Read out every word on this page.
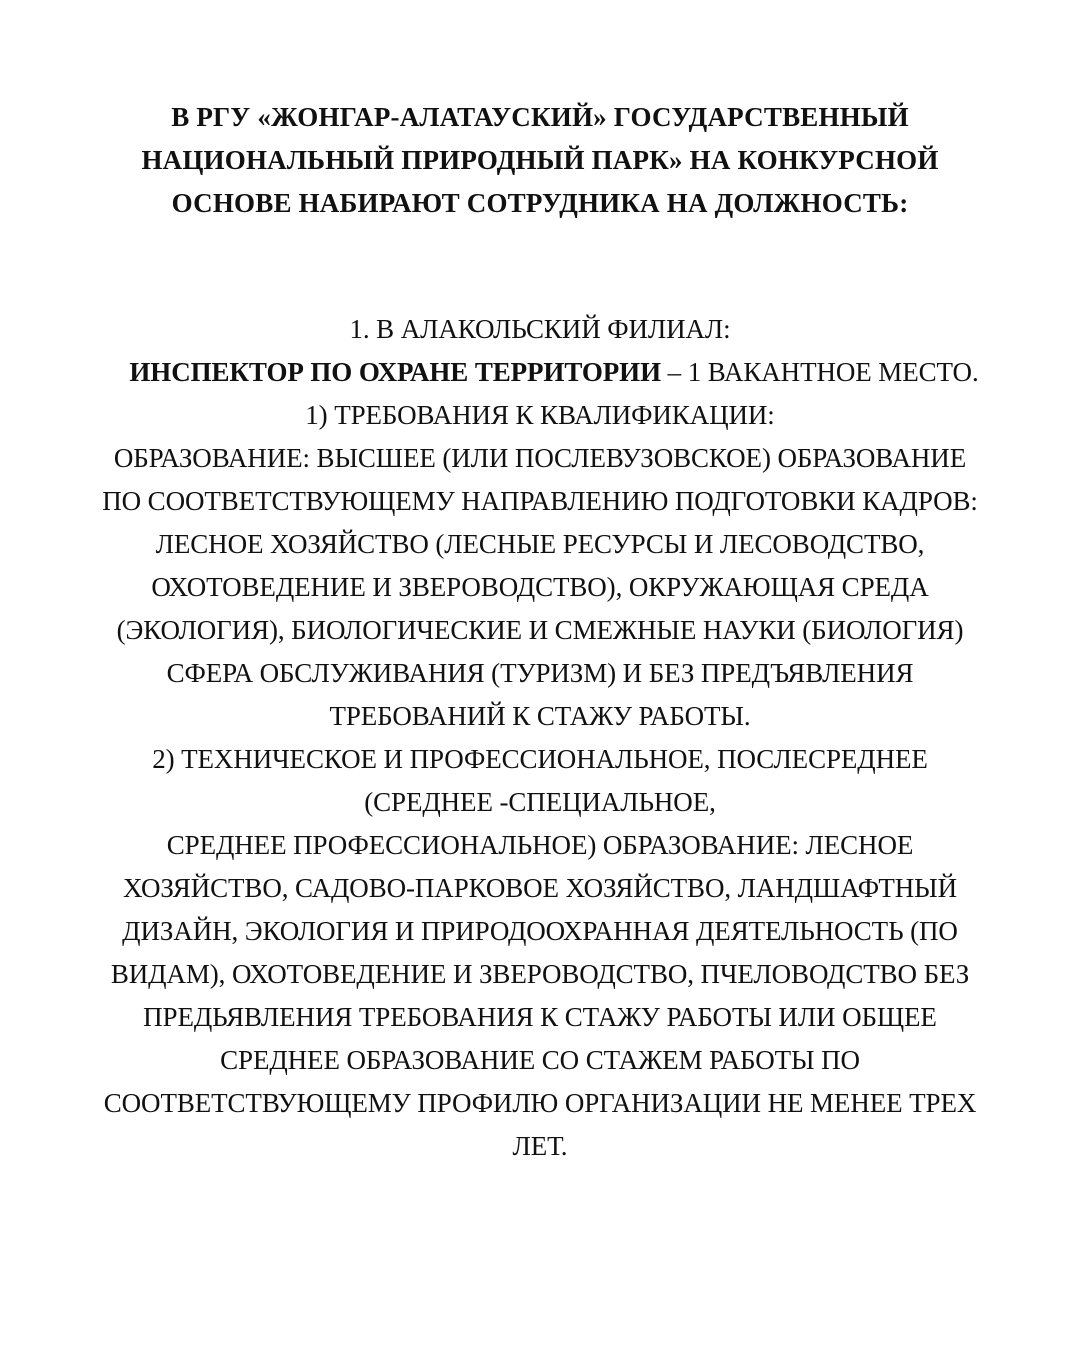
В РГУ «ЖОНГАР-АЛАТАУСКИЙ» ГОСУДАРСТВЕННЫЙ
НАЦИОНАЛЬНЫЙ ПРИРОДНЫЙ ПАРК» НА КОНКУРСНОЙ
ОСНОВЕ НАБИРАЮТ СОТРУДНИКА НА ДОЛЖНОСТЬ:
1. В АЛАКОЛЬСКИЙ ФИЛИАЛ:
ИНСПЕКТОР ПО ОХРАНЕ ТЕРРИТОРИИ – 1 ВАКАНТНОЕ МЕСТО.
1) ТРЕБОВАНИЯ К КВАЛИФИКАЦИИ:
ОБРАЗОВАНИЕ: ВЫСШЕЕ (ИЛИ ПОСЛЕВУЗОВСКОЕ) ОБРАЗОВАНИЕ
ПО СООТВЕТСТВУЮЩЕМУ НАПРАВЛЕНИЮ ПОДГОТОВКИ КАДРОВ:
ЛЕСНОЕ ХОЗЯЙСТВО (ЛЕСНЫЕ РЕСУРСЫ И ЛЕСОВОДСТВО,
ОХОТОВЕДЕНИЕ И ЗВЕРОВОДСТВО), ОКРУЖАЮЩАЯ СРЕДА
(ЭКОЛОГИЯ), БИОЛОГИЧЕСКИЕ И СМЕЖНЫЕ НАУКИ (БИОЛОГИЯ)
СФЕРА ОБСЛУЖИВАНИЯ (ТУРИЗМ) И БЕЗ ПРЕДЪЯВЛЕНИЯ
ТРЕБОВАНИЙ К СТАЖУ РАБОТЫ.
2) ТЕХНИЧЕСКОЕ И ПРОФЕССИОНАЛЬНОЕ, ПОСЛЕСРЕДНЕЕ
(СРЕДНЕЕ -СПЕЦИАЛЬНОЕ,
СРЕДНЕЕ ПРОФЕССИОНАЛЬНОЕ) ОБРАЗОВАНИЕ: ЛЕСНОЕ
ХОЗЯЙСТВО, САДОВО-ПАРКОВОЕ ХОЗЯЙСТВО, ЛАНДШАФТНЫЙ
ДИЗАЙН, ЭКОЛОГИЯ И ПРИРОДООХРАННАЯ ДЕЯТЕЛЬНОСТЬ (ПО
ВИДАМ), ОХОТОВЕДЕНИЕ И ЗВЕРОВОДСТВО, ПЧЕЛОВОДСТВО БЕЗ
ПРЕДЬЯВЛЕНИЯ ТРЕБОВАНИЯ К СТАЖУ РАБОТЫ ИЛИ ОБЩЕЕ
СРЕДНЕЕ ОБРАЗОВАНИЕ СО СТАЖЕМ РАБОТЫ ПО
СООТВЕТСТВУЮЩЕМУ ПРОФИЛЮ ОРГАНИЗАЦИИ НЕ МЕНЕЕ ТРЕХ
ЛЕТ.
